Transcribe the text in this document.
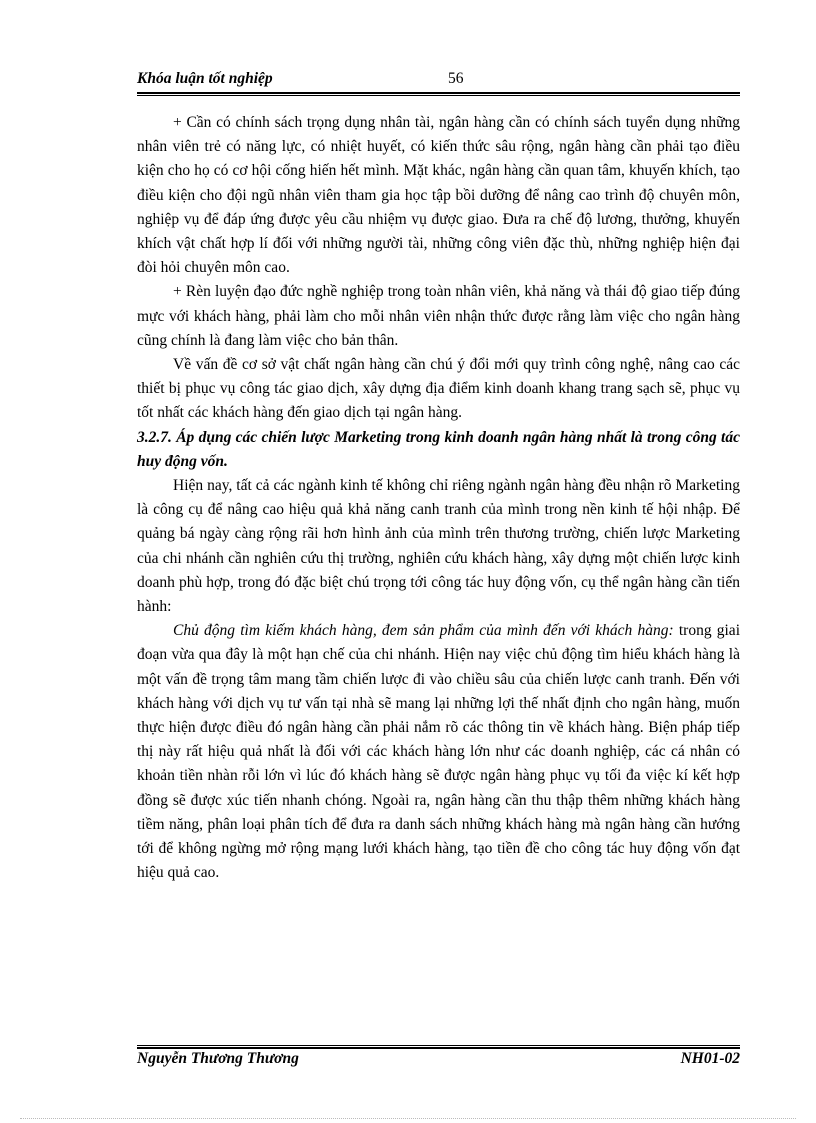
Khóa luận tốt nghiệp	56

+ Cần có chính sách trọng dụng nhân tài, ngân hàng cần có chính sách tuyển dụng những nhân viên trẻ có năng lực, có nhiệt huyết, có kiến thức sâu rộng, ngân hàng cần phải tạo điều kiện cho họ có cơ hội cống hiến hết mình. Mặt khác, ngân hàng cần quan tâm, khuyến khích, tạo điều kiện cho đội ngũ nhân viên tham gia học tập bồi dưỡng để nâng cao trình độ chuyên môn, nghiệp vụ để đáp ứng được yêu cầu nhiệm vụ được giao. Đưa ra chế độ lương, thưởng, khuyến khích vật chất hợp lí đối với những người tài, những công viên đặc thù, những nghiệp hiện đại đòi hỏi chuyên môn cao.

+ Rèn luyện đạo đức nghề nghiệp trong toàn nhân viên, khả năng và thái độ giao tiếp đúng mực với khách hàng, phải làm cho mỗi nhân viên nhận thức được rằng làm việc cho ngân hàng cũng chính là đang làm việc cho bản thân.

Về vấn đề cơ sở vật chất ngân hàng cần chú ý đổi mới quy trình công nghệ, nâng cao các thiết bị phục vụ công tác giao dịch, xây dựng địa điểm kinh doanh khang trang sạch sẽ, phục vụ tốt nhất các khách hàng đến giao dịch tại ngân hàng.

3.2.7. Áp dụng các chiến lược Marketing trong kinh doanh ngân hàng nhất là trong công tác huy động vốn.

Hiện nay, tất cả các ngành kinh tế không chỉ riêng ngành ngân hàng đều nhận rõ Marketing là công cụ để nâng cao hiệu quả khả năng canh tranh của mình trong nền kinh tế hội nhập. Để quảng bá ngày càng rộng rãi hơn hình ảnh của mình trên thương trường, chiến lược Marketing của chi nhánh cần nghiên cứu thị trường, nghiên cứu khách hàng, xây dựng một chiến lược kinh doanh phù hợp, trong đó đặc biệt chú trọng tới công tác huy động vốn, cụ thể ngân hàng cần tiến hành:

Chủ động tìm kiếm khách hàng, đem sản phẩm của mình đến với khách hàng: trong giai đoạn vừa qua đây là một hạn chế của chi nhánh. Hiện nay việc chủ động tìm hiểu khách hàng là một vấn đề trọng tâm mang tầm chiến lược đi vào chiều sâu của chiến lược canh tranh. Đến với khách hàng với dịch vụ tư vấn tại nhà sẽ mang lại những lợi thế nhất định cho ngân hàng, muốn thực hiện được điều đó ngân hàng cần phải nắm rõ các thông tin về khách hàng. Biện pháp tiếp thị này rất hiệu quả nhất là đối với các khách hàng lớn như các doanh nghiệp, các cá nhân có khoản tiền nhàn rỗi lớn vì lúc đó khách hàng sẽ được ngân hàng phục vụ tối đa việc kí kết hợp đồng sẽ được xúc tiến nhanh chóng. Ngoài ra, ngân hàng cần thu thập thêm những khách hàng tiềm năng, phân loại phân tích để đưa ra danh sách những khách hàng mà ngân hàng cần hướng tới để không ngừng mở rộng mạng lưới khách hàng, tạo tiền đề cho công tác huy động vốn đạt hiệu quả cao.

Nguyễn Thương Thương	NH01-02
